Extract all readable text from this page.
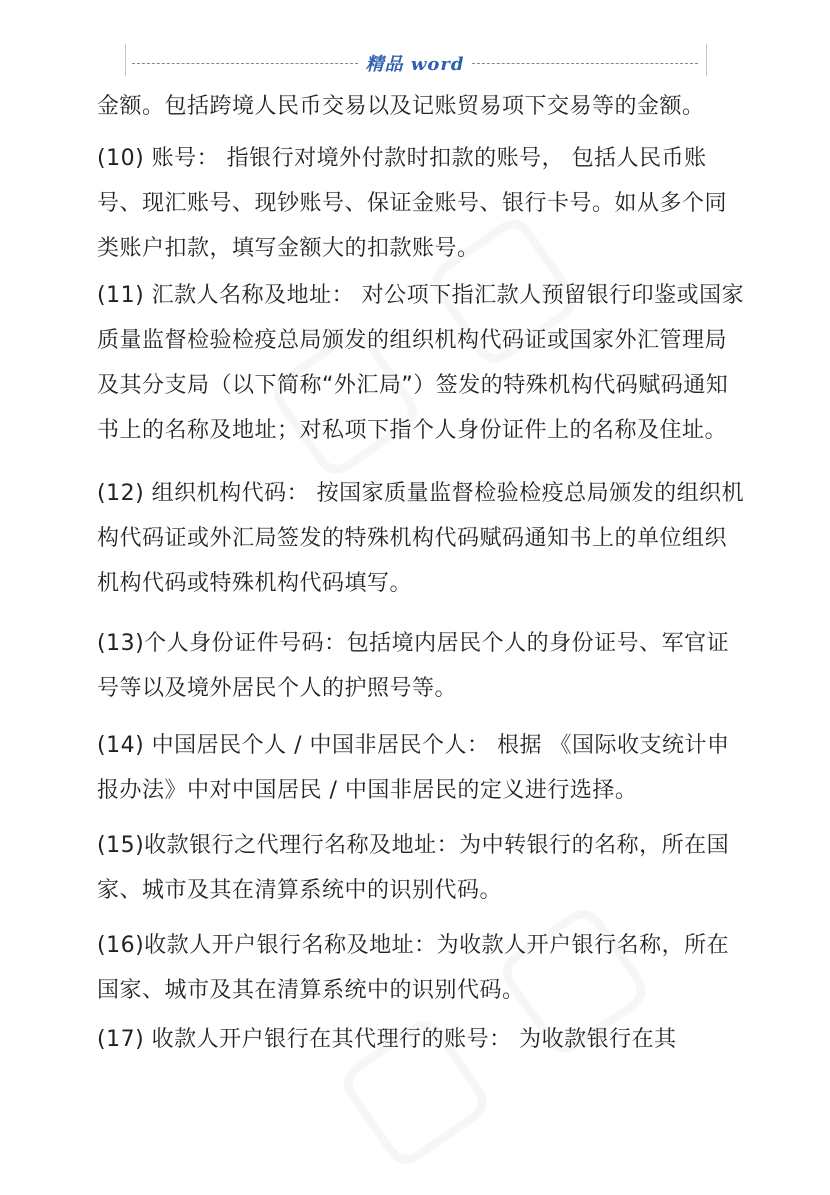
精品 word

金额。包括跨境人民币交易以及记账贸易项下交易等的金额。

(10) 账号： 指银行对境外付款时扣款的账号， 包括人民币账号、现汇账号、现钞账号、保证金账号、银行卡号。如从多个同类账户扣款，填写金额大的扣款账号。

(11) 汇款人名称及地址： 对公项下指汇款人预留银行印鉴或国家质量监督检验检疫总局颁发的组织机构代码证或国家外汇管理局及其分支局（以下简称“外汇局”）签发的特殊机构代码赋码通知书上的名称及地址；对私项下指个人身份证件上的名称及住址。

(12) 组织机构代码： 按国家质量监督检验检疫总局颁发的组织机构代码证或外汇局签发的特殊机构代码赋码通知书上的单位组织机构代码或特殊机构代码填写。

(13)个人身份证件号码：包括境内居民个人的身份证号、军官证号等以及境外居民个人的护照号等。

(14) 中国居民个人 / 中国非居民个人： 根据 《国际收支统计申报办法》中对中国居民 / 中国非居民的定义进行选择。

(15)收款银行之代理行名称及地址：为中转银行的名称，所在国家、城市及其在清算系统中的识别代码。

(16)收款人开户银行名称及地址：为收款人开户银行名称，所在国家、城市及其在清算系统中的识别代码。

(17) 收款人开户银行在其代理行的账号： 为收款银行在其
